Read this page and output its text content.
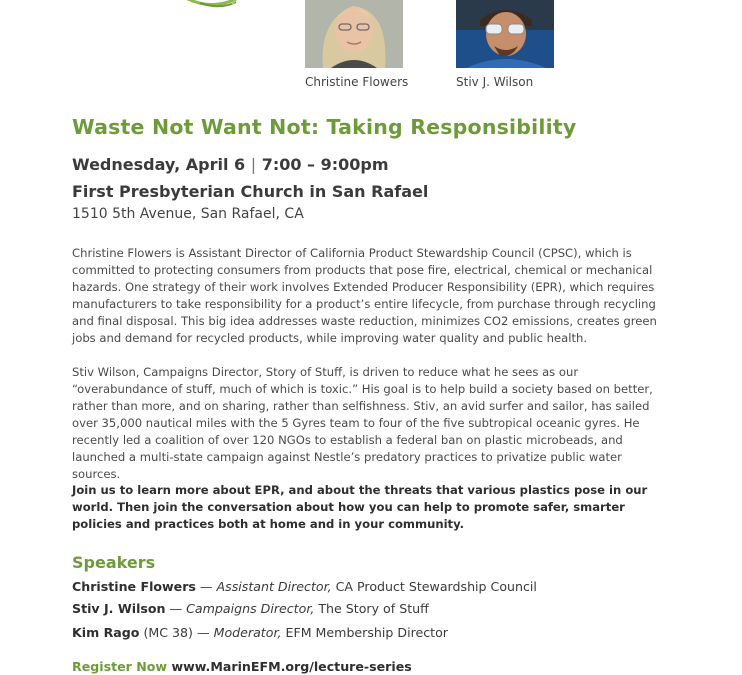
Christine Flowers	Stiv J. Wilson
Waste Not Want Not: Taking Responsibility
Wednesday, April 6 | 7:00 – 9:00pm
First Presbyterian Church in San Rafael
1510 5th Avenue, San Rafael, CA

Christine Flowers is Assistant Director of California Product Stewardship Council (CPSC), which is committed to protecting consumers from products that pose fire, electrical, chemical or mechanical hazards. One strategy of their work involves Extended Producer Responsibility (EPR), which requires manufacturers to take responsibility for a product’s entire lifecycle, from purchase through recycling and final disposal. This big idea addresses waste reduction, minimizes CO2 emissions, creates green jobs and demand for recycled products, while improving water quality and public health.

Stiv Wilson, Campaigns Director, Story of Stuff, is driven to reduce what he sees as our “overabundance of stuff, much of which is toxic.” His goal is to help build a society based on better, rather than more, and on sharing, rather than selfishness. Stiv, an avid surfer and sailor, has sailed over 35,000 nautical miles with the 5 Gyres team to four of the five subtropical oceanic gyres. He recently led a coalition of over 120 NGOs to establish a federal ban on plastic microbeads, and launched a multi-state campaign against Nestle’s predatory practices to privatize public water sources.

Join us to learn more about EPR, and about the threats that various plastics pose in our world. Then join the conversation about how you can help to promote safer, smarter policies and practices both at home and in your community.

Speakers
Christine Flowers — Assistant Director, CA Product Stewardship Council
Stiv J. Wilson — Campaigns Director, The Story of Stuff
Kim Rago (MC 38) — Moderator, EFM Membership Director
Register Now www.MarinEFM.org/lecture-series
